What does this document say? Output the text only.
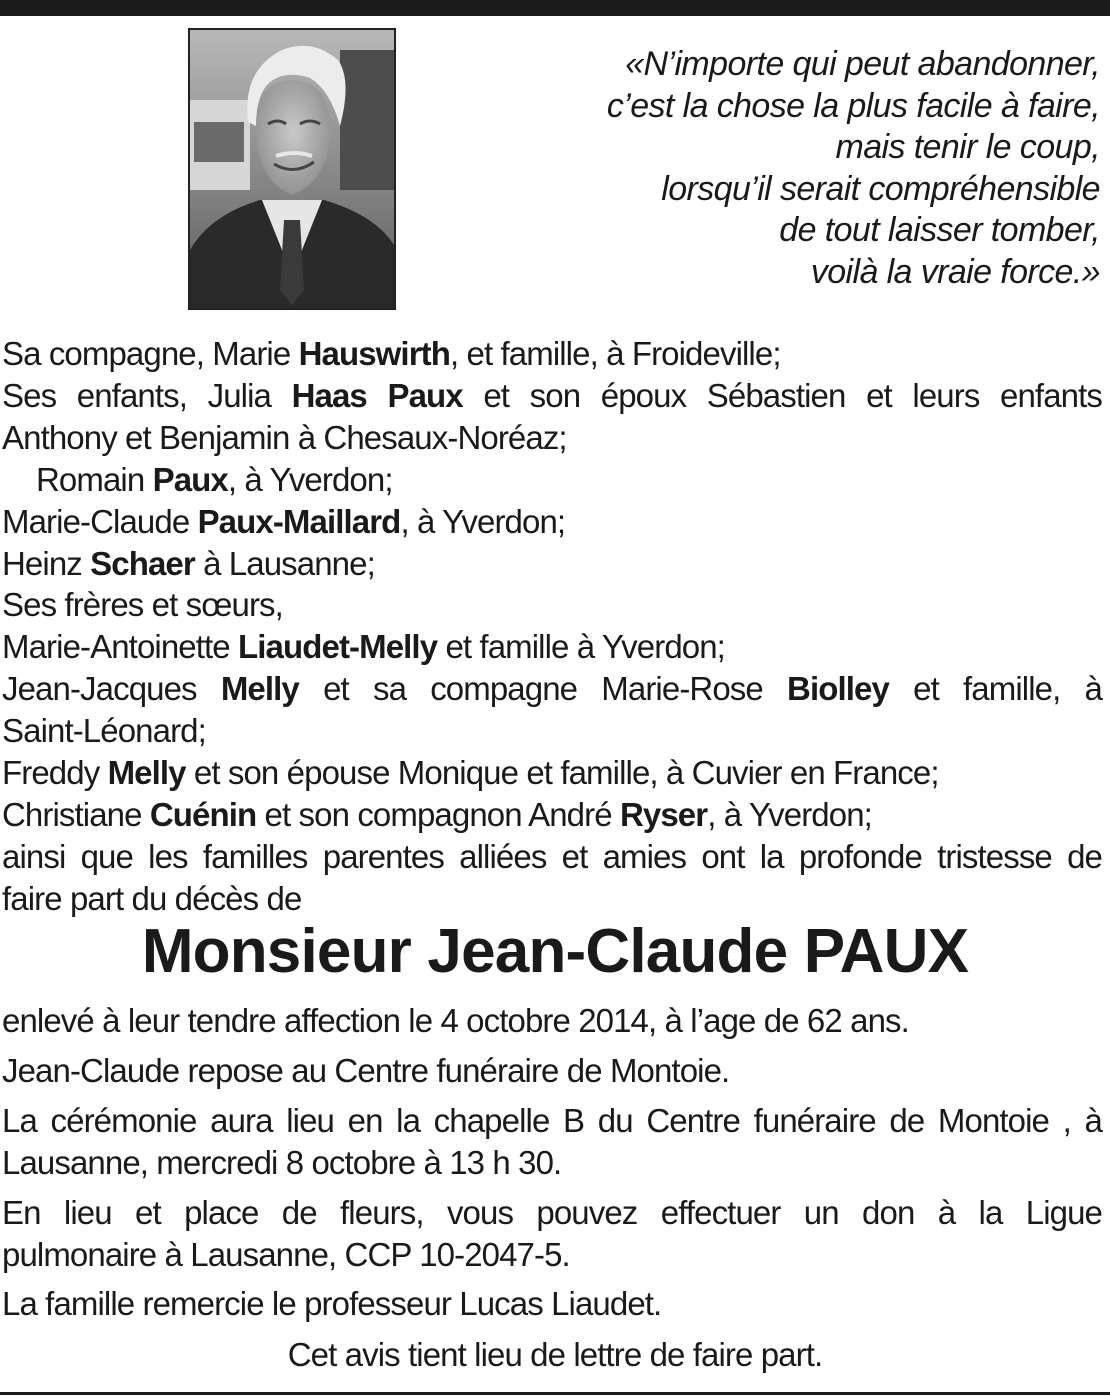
«N’importe qui peut abandonner,
c’est la chose la plus facile à faire,
mais tenir le coup,
lorsqu’il serait compréhensible
de tout laisser tomber,
voilà la vraie force.»
Sa compagne, Marie Hauswirth, et famille, à Froideville;
Ses enfants, Julia Haas Paux et son époux Sébastien et leurs enfants
Anthony et Benjamin à Chesaux-Noréaz;
Romain Paux, à Yverdon;
Marie-Claude Paux-Maillard, à Yverdon;
Heinz Schaer à Lausanne;
Ses frères et sœurs,
Marie-Antoinette Liaudet-Melly et famille à Yverdon;
Jean-Jacques Melly et sa compagne Marie-Rose Biolley et famille, à
Saint-Léonard;
Freddy Melly et son épouse Monique et famille, à Cuvier en France;
Christiane Cuénin et son compagnon André Ryser, à Yverdon;
ainsi que les familles parentes alliées et amies ont la profonde tristesse de
faire part du décès de
Monsieur Jean-Claude PAUX

enlevé à leur tendre affection le 4 octobre 2014, à l’age de 62 ans.

Jean-Claude repose au Centre funéraire de Montoie.

La cérémonie aura lieu en la chapelle B du Centre funéraire de Montoie , à
Lausanne, mercredi 8 octobre à 13 h 30.

En lieu et place de fleurs, vous pouvez effectuer un don à la Ligue
pulmonaire à Lausanne, CCP 10-2047-5.

La famille remercie le professeur Lucas Liaudet.

Cet avis tient lieu de lettre de faire part.
